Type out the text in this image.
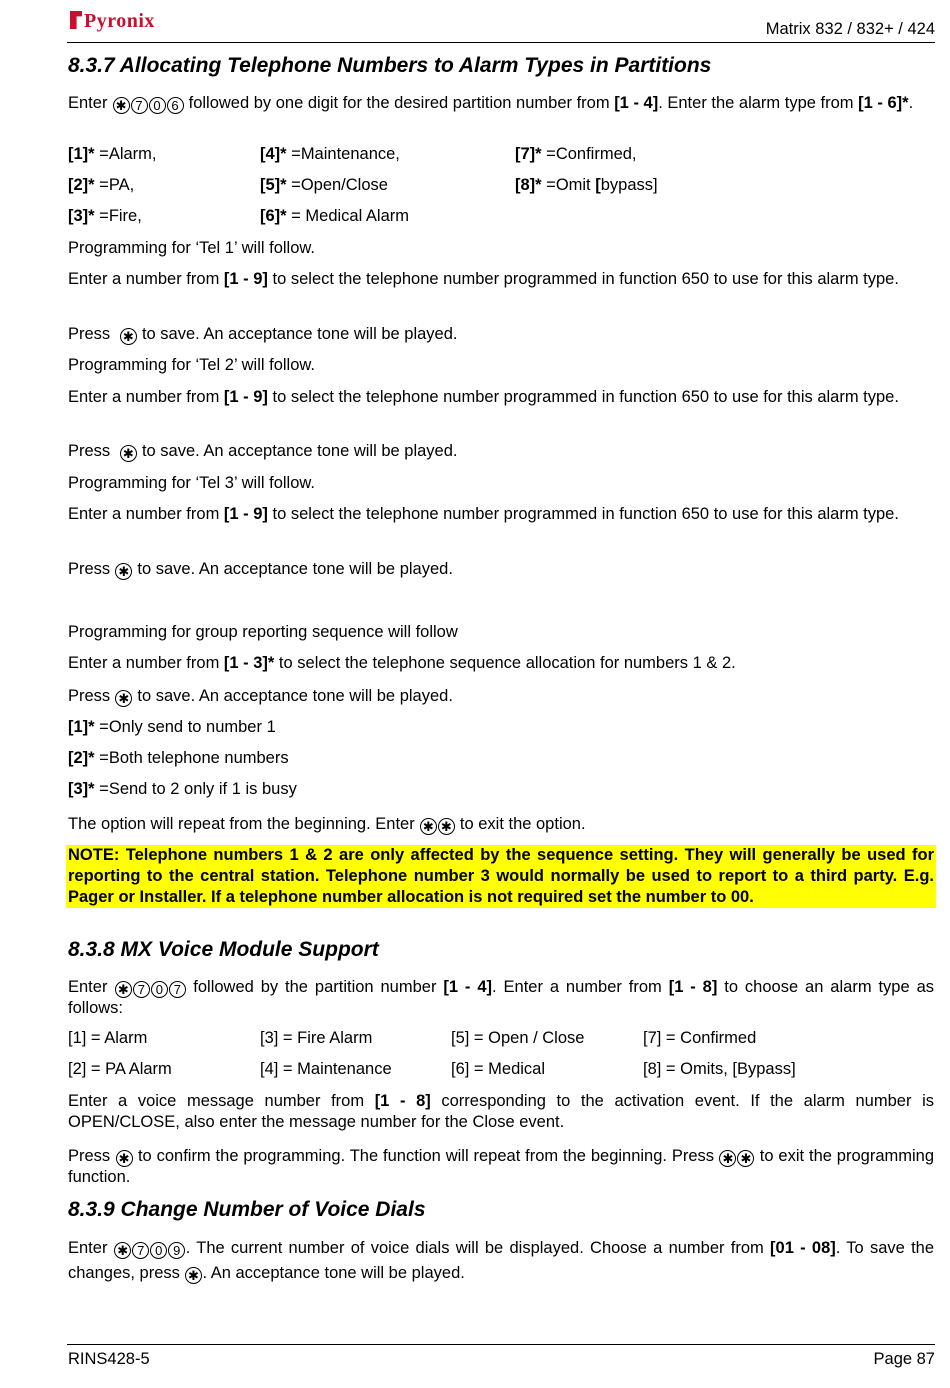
Pyronix	Matrix 832 / 832+ / 424
8.3.7 Allocating Telephone Numbers to Alarm Types in Partitions

Enter ✱ 7 0 6 followed by one digit for the desired partition number from [1 - 4]. Enter the alarm type from [1 - 6]*.

[1]* =Alarm,	[4]* =Maintenance,	[7]* =Confirmed,
[2]* =PA,	[5]* =Open/Close	[8]* =Omit [bypass]
[3]* =Fire,	[6]* = Medical Alarm

Programming for ‘Tel 1’ will follow.

Enter a number from [1 - 9] to select the telephone number programmed in function 650 to use for this alarm type.

Press ✱ to save. An acceptance tone will be played.

Programming for ‘Tel 2’ will follow.

Enter a number from [1 - 9] to select the telephone number programmed in function 650 to use for this alarm type.

Press ✱ to save. An acceptance tone will be played.

Programming for ‘Tel 3’ will follow.

Enter a number from [1 - 9] to select the telephone number programmed in function 650 to use for this alarm type.

Press ✱ to save. An acceptance tone will be played.

Programming for group reporting sequence will follow

Enter a number from [1 - 3]* to select the telephone sequence allocation for numbers 1 & 2.

Press ✱ to save. An acceptance tone will be played.

[1]* =Only send to number 1

[2]* =Both telephone numbers

[3]* =Send to 2 only if 1 is busy

The option will repeat from the beginning. Enter ✱ ✱ to exit the option.

NOTE: Telephone numbers 1 & 2 are only affected by the sequence setting. They will generally be used for reporting to the central station. Telephone number 3 would normally be used to report to a third party. E.g. Pager or Installer. If a telephone number allocation is not required set the number to 00.

8.3.8 MX Voice Module Support

Enter ✱ 7 0 7 followed by the partition number [1 - 4]. Enter a number from [1 - 8] to choose an alarm type as follows:

[1] = Alarm	[3] = Fire Alarm	[5] = Open / Close	[7] = Confirmed
[2] = PA Alarm	[4] = Maintenance	[6] = Medical	[8] = Omits, [Bypass]

Enter a voice message number from [1 - 8] corresponding to the activation event. If the alarm number is OPEN/CLOSE, also enter the message number for the Close event.

Press ✱ to confirm the programming. The function will repeat from the beginning. Press ✱ ✱ to exit the programming function.

8.3.9 Change Number of Voice Dials

Enter ✱ 7 0 9 . The current number of voice dials will be displayed. Choose a number from [01 - 08]. To save the changes, press ✱ . An acceptance tone will be played.

RINS428-5	Page 87
